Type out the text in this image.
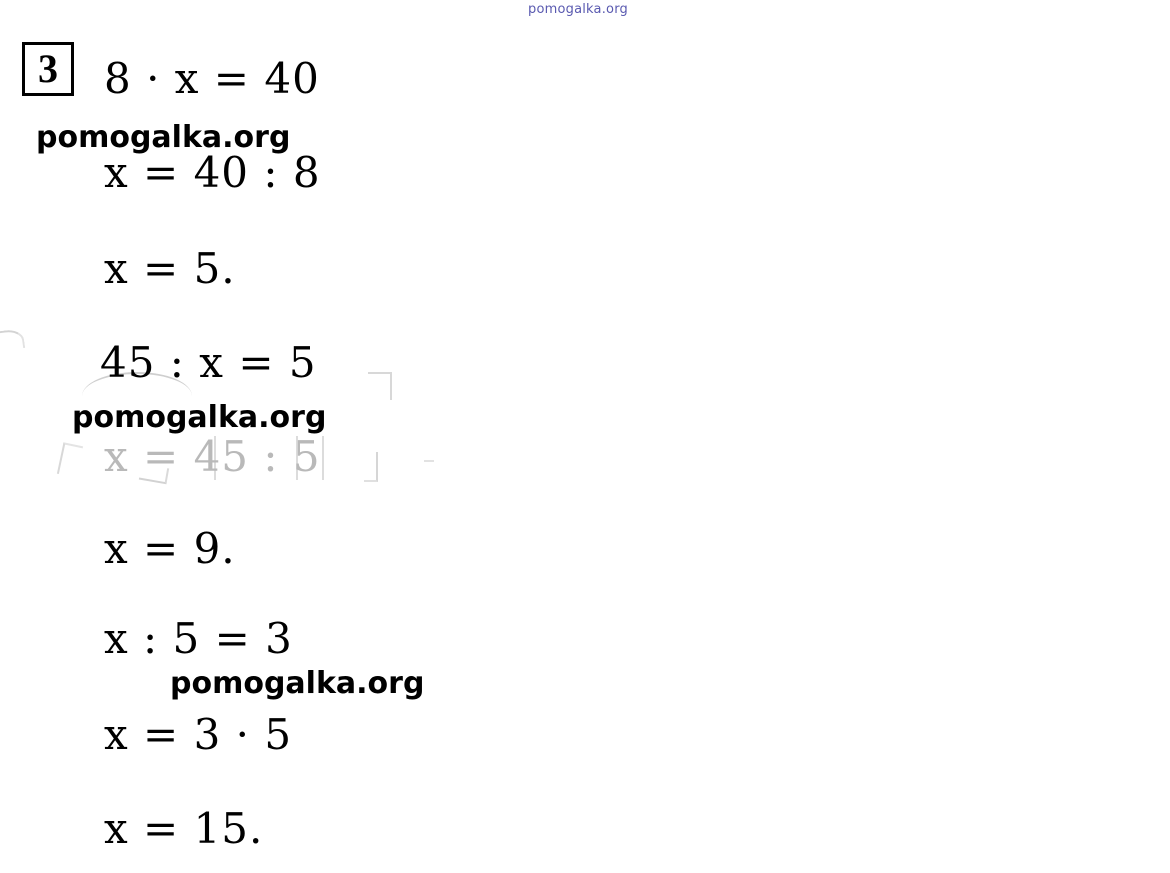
pomogalka.org
3 8 · x = 40
x = 40 : 8
x = 5.
45 : x = 5
x = 45 : 5
x = 9.
x : 5 = 3
x = 3 · 5
x = 15.
pomogalka.org
pomogalka.org
pomogalka.org
